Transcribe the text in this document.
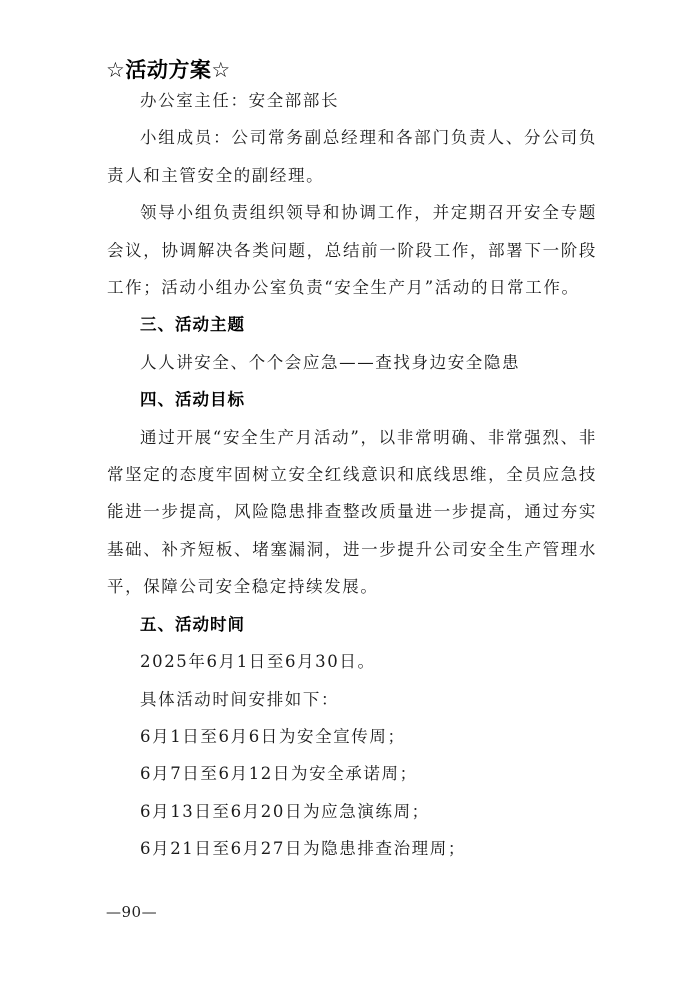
☆活动方案☆

办公室主任：安全部部长

小组成员：公司常务副总经理和各部门负责人、分公司负责人和主管安全的副经理。

领导小组负责组织领导和协调工作，并定期召开安全专题会议，协调解决各类问题，总结前一阶段工作，部署下一阶段工作；活动小组办公室负责“安全生产月”活动的日常工作。

三、活动主题

人人讲安全、个个会应急——查找身边安全隐患

四、活动目标

通过开展“安全生产月活动”，以非常明确、非常强烈、非常坚定的态度牢固树立安全红线意识和底线思维，全员应急技能进一步提高，风险隐患排查整改质量进一步提高，通过夯实基础、补齐短板、堵塞漏洞，进一步提升公司安全生产管理水平，保障公司安全稳定持续发展。

五、活动时间

2025年6月1日至6月30日。

具体活动时间安排如下：

6月1日至6月6日为安全宣传周；

6月7日至6月12日为安全承诺周；

6月13日至6月20日为应急演练周；

6月21日至6月27日为隐患排查治理周；

—90—
